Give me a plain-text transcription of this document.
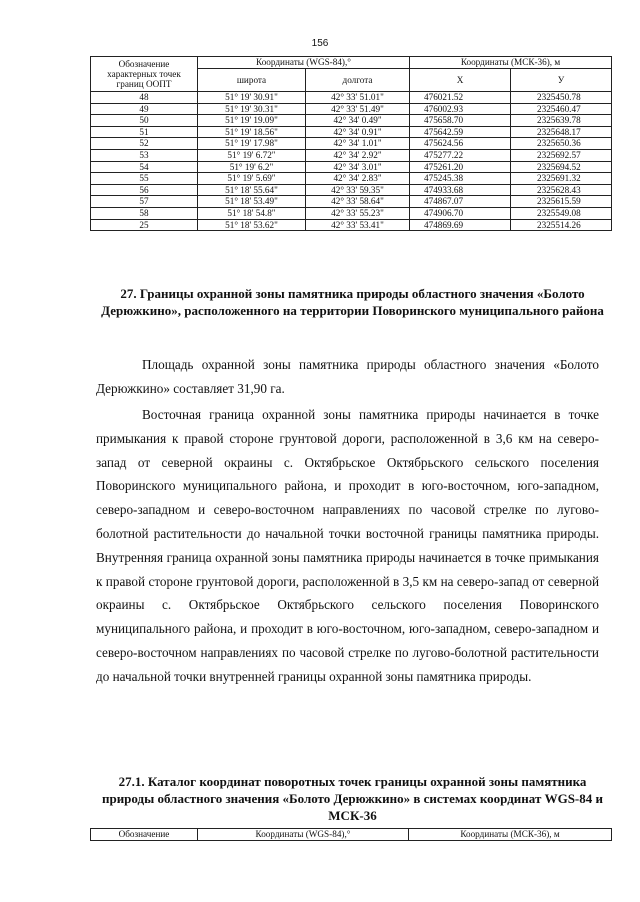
156
Обозначение характерных точек границ ООПТ	Координаты (WGS-84),°		Координаты (МСК-36), м	
	широта	долгота	X	У
48	51° 19' 30.91"	42° 33' 51.01"	476021.52	2325450.78
49	51° 19' 30.31"	42° 33' 51.49"	476002.93	2325460.47
50	51° 19' 19.09"	42° 34' 0.49"	475658.70	2325639.78
51	51° 19' 18.56"	42° 34' 0.91"	475642.59	2325648.17
52	51° 19' 17.98"	42° 34' 1.01"	475624.56	2325650.36
53	51° 19' 6.72"	42° 34' 2.92"	475277.22	2325692.57
54	51° 19' 6.2"	42° 34' 3.01"	475261.20	2325694.52
55	51° 19' 5.69"	42° 34' 2.83"	475245.38	2325691.32
56	51° 18' 55.64"	42° 33' 59.35"	474933.68	2325628.43
57	51° 18' 53.49"	42° 33' 58.64"	474867.07	2325615.59
58	51° 18' 54.8"	42° 33' 55.23"	474906.70	2325549.08
25	51° 18' 53.62"	42° 33' 53.41"	474869.69	2325514.26
27. Границы охранной зоны памятника природы областного значения «Болото Дерюжкино», расположенного на территории Поворинского муниципального района

Площадь охранной зоны памятника природы областного значения «Болото Дерюжкино» составляет 31,90 га.

Восточная граница охранной зоны памятника природы начинается в точке примыкания к правой стороне грунтовой дороги, расположенной в 3,6 км на северо-запад от северной окраины с. Октябрьское Октябрьского сельского поселения Поворинского муниципального района, и проходит в юго-восточном, юго-западном, северо-западном и северо-восточном направлениях по часовой стрелке по лугово-болотной растительности до начальной точки восточной границы памятника природы. Внутренняя граница охранной зоны памятника природы начинается в точке примыкания к правой стороне грунтовой дороги, расположенной в 3,5 км на северо-запад от северной окраины с. Октябрьское Октябрьского сельского поселения Поворинского муниципального района, и проходит в юго-восточном, юго-западном, северо-западном и северо-восточном направлениях по часовой стрелке по лугово-болотной растительности до начальной точки внутренней границы охранной зоны памятника природы.

27.1. Каталог координат поворотных точек границы охранной зоны памятника природы областного значения «Болото Дерюжкино» в системах координат WGS-84 и МСК-36
Обозначение	Координаты (WGS-84),°	Координаты (МСК-36), м
